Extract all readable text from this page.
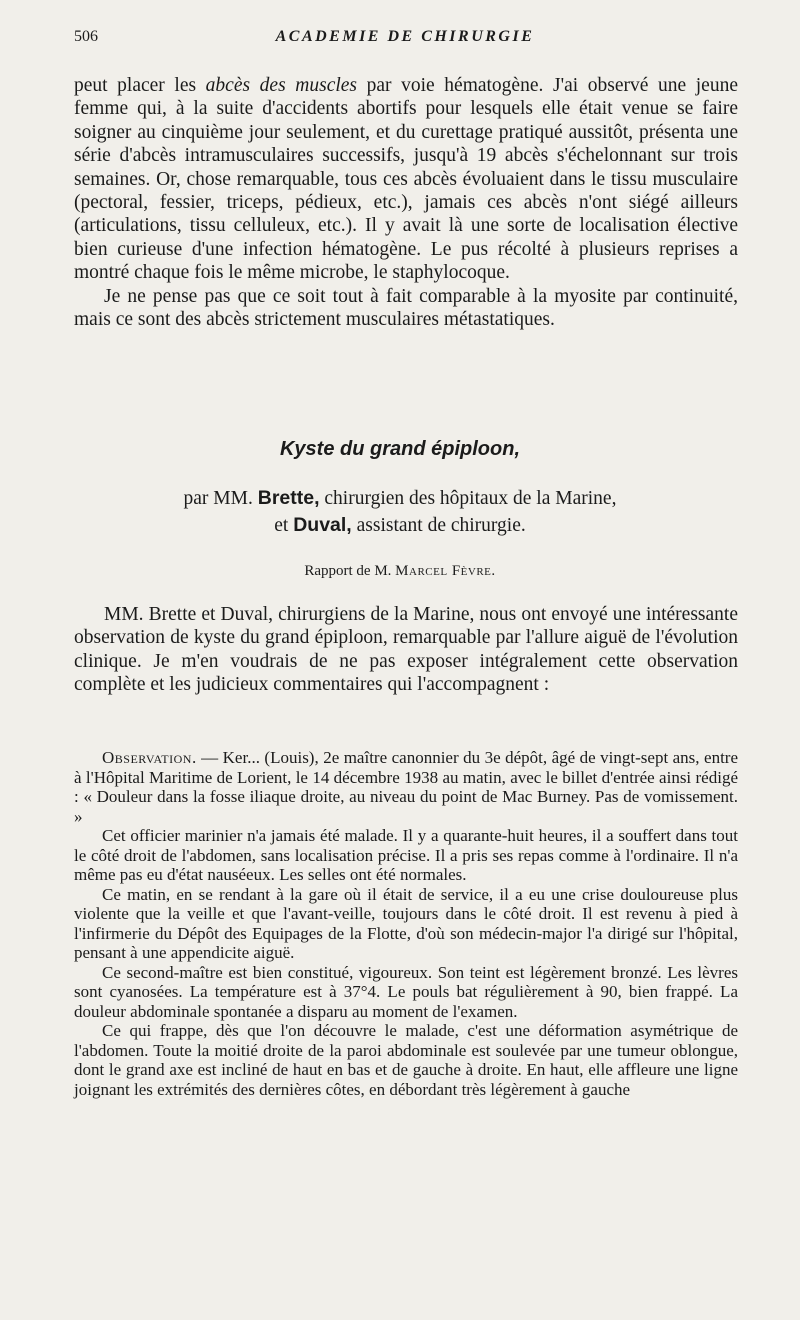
506	ACADEMIE DE CHIRURGIE

peut placer les abcès des muscles par voie hématogène. J'ai observé une jeune femme qui, à la suite d'accidents abortifs pour lesquels elle était venue se faire soigner au cinquième jour seulement, et du curettage pratiqué aussitôt, présenta une série d'abcès intramusculaires successifs, jusqu'à 19 abcès s'échelonnant sur trois semaines. Or, chose remarquable, tous ces abcès évoluaient dans le tissu musculaire (pectoral, fessier, triceps, pédieux, etc.), jamais ces abcès n'ont siégé ailleurs (articulations, tissu celluleux, etc.). Il y avait là une sorte de localisation élective bien curieuse d'une infection hématogène. Le pus récolté à plusieurs reprises a montré chaque fois le même microbe, le staphylocoque.

Je ne pense pas que ce soit tout à fait comparable à la myosite par continuité, mais ce sont des abcès strictement musculaires métastatiques.

Kyste du grand épiploon,
par MM. Brette, chirurgien des hôpitaux de la Marine,
et Duval, assistant de chirurgie.
Rapport de M. Marcel Fèvre.

MM. Brette et Duval, chirurgiens de la Marine, nous ont envoyé une intéressante observation de kyste du grand épiploon, remarquable par l'allure aiguë de l'évolution clinique. Je m'en voudrais de ne pas exposer intégralement cette observation complète et les judicieux commentaires qui l'accompagnent :

Observation. — Ker... (Louis), 2e maître canonnier du 3e dépôt, âgé de vingt-sept ans, entre à l'Hôpital Maritime de Lorient, le 14 décembre 1938 au matin, avec le billet d'entrée ainsi rédigé : « Douleur dans la fosse iliaque droite, au niveau du point de Mac Burney. Pas de vomissement. »

Cet officier marinier n'a jamais été malade. Il y a quarante-huit heures, il a souffert dans tout le côté droit de l'abdomen, sans localisation précise. Il a pris ses repas comme à l'ordinaire. Il n'a même pas eu d'état nauséeux. Les selles ont été normales.

Ce matin, en se rendant à la gare où il était de service, il a eu une crise douloureuse plus violente que la veille et que l'avant-veille, toujours dans le côté droit. Il est revenu à pied à l'infirmerie du Dépôt des Equipages de la Flotte, d'où son médecin-major l'a dirigé sur l'hôpital, pensant à une appendicite aiguë.

Ce second-maître est bien constitué, vigoureux. Son teint est légèrement bronzé. Les lèvres sont cyanosées. La température est à 37°4. Le pouls bat régulièrement à 90, bien frappé. La douleur abdominale spontanée a disparu au moment de l'examen.

Ce qui frappe, dès que l'on découvre le malade, c'est une déformation asymétrique de l'abdomen. Toute la moitié droite de la paroi abdominale est soulevée par une tumeur oblongue, dont le grand axe est incliné de haut en bas et de gauche à droite. En haut, elle affleure une ligne joignant les extrémités des dernières côtes, en débordant très légèrement à gauche
